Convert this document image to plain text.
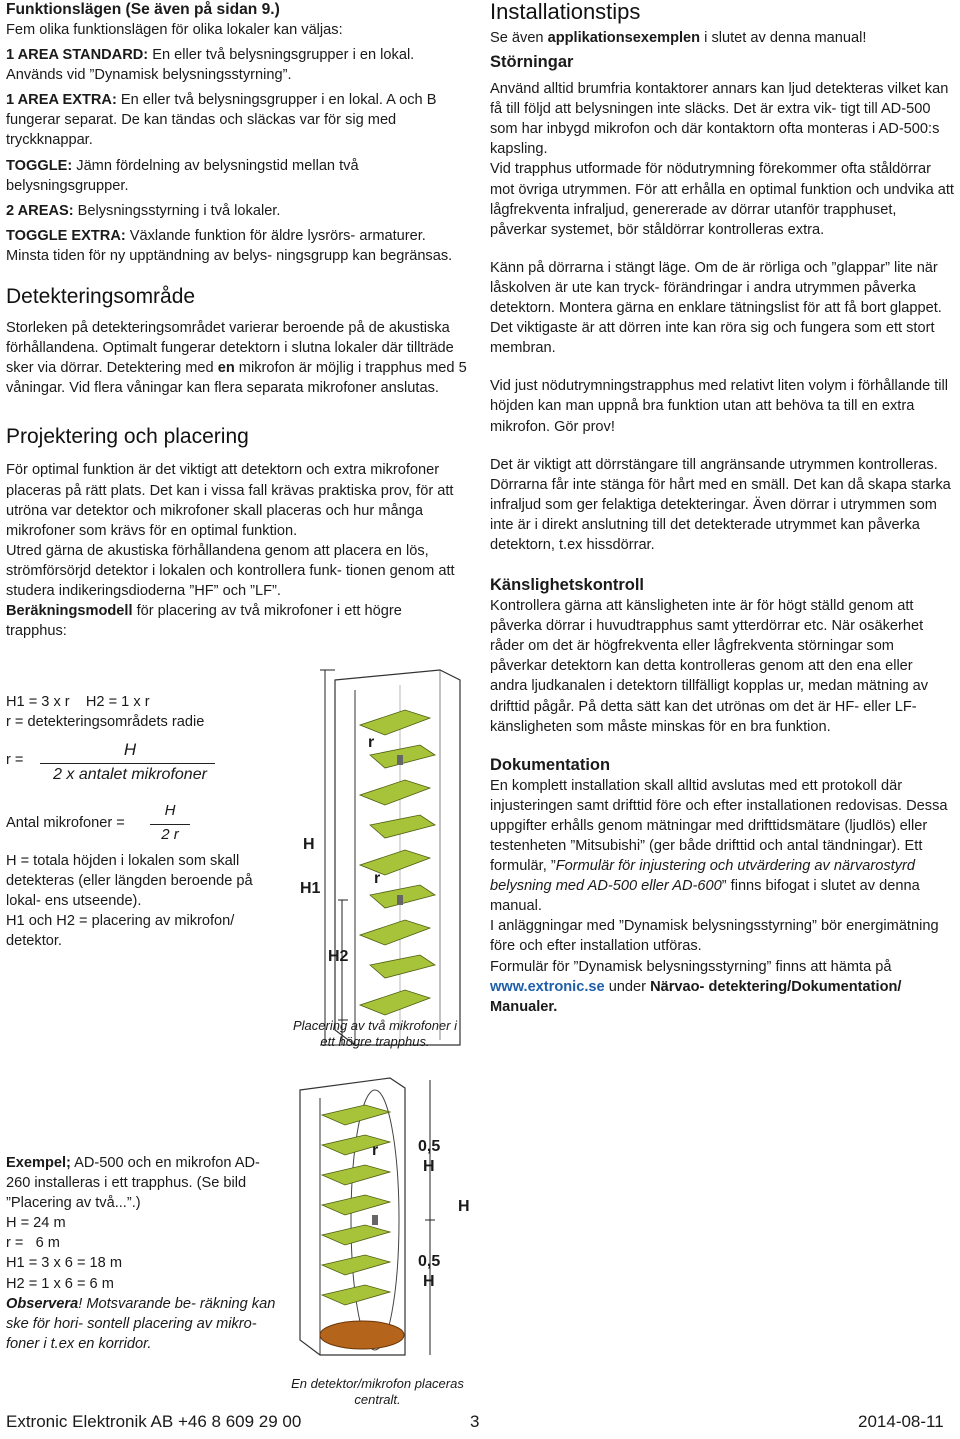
Funktionslägen (Se även på sidan 9.)

Fem olika funktionslägen för olika lokaler kan väljas:

1 AREA STANDARD: En eller två belysningsgrupper i en lokal. Används vid ”Dynamisk belysningsstyrning”.

1 AREA EXTRA: En eller två belysningsgrupper i en lokal. A och B fungerar separat. De kan tändas och släckas var för sig med tryckknappar.

TOGGLE: Jämn fördelning av belysningstid mellan två belysningsgrupper.

2 AREAS: Belysningsstyrning i två lokaler.

TOGGLE EXTRA: Växlande funktion för äldre lysrörs- armaturer. Minsta tiden för ny upptändning av belys- ningsgrupp kan begränsas.

Detekteringsområde

Storleken på detekteringsområdet varierar beroende på de akustiska förhållandena. Optimalt fungerar detektorn i slutna lokaler där tillträde sker via dörrar. Detektering med en mikrofon är möjlig i trapphus med 5 våningar. Vid flera våningar kan flera separata mikrofoner anslutas.

Projektering och placering

För optimal funktion är det viktigt att detektorn och extra mikrofoner placeras på rätt plats. Det kan i vissa fall krävas praktiska prov, för att utröna var detektor och mikrofoner skall placeras och hur många mikrofoner som krävs för en optimal funktion.

Utred gärna de akustiska förhållandena genom att placera en lös, strömförsörjd detektor i lokalen och kontrollera funk- tionen genom att studera indikeringsdioderna ”HF” och ”LF”.

Beräkningsmodell för placering av två mikrofoner i ett högre trapphus:

H1 = 3 x r    H2 = 1 x r
r = detekteringsområdets radie
r =
H
2 x antalet mikrofoner
Antal mikrofoner =
H
2 r

H = totala höjden i lokalen som skall detekteras (eller längden beroende på lokal- ens utseende).

H1 och H2 = placering av mikrofon/ detektor.

Exempel; AD-500 och en mikrofon AD-260 installeras i ett trapphus. (Se bild ”Placering av två...”.)

H = 24 m

r =   6 m

H1 = 3 x 6 = 18 m

H2 = 1 x 6 = 6 m

Observera! Motsvarande be- räkning kan ske för hori- sontell placering av mikro- foner i t.ex en korridor.

Installationstips

Se även applikationsexemplen i slutet av denna manual!

Störningar

Använd alltid brumfria kontaktorer annars kan ljud detekteras vilket kan få till följd att belysningen inte släcks. Det är extra vik- tigt till AD-500 som har inbygd mikrofon och där kontaktorn ofta monteras i AD-500:s kapsling.

Vid trapphus utformade för nödutrymning förekommer ofta ståldörrar mot övriga utrymmen. För att erhålla en optimal funktion och undvika att lågfrekventa infraljud, genererade av dörrar utanför trapphuset, påverkar systemet, bör ståldörrar kontrolleras extra.

Känn på dörrarna i stängt läge. Om de är rörliga och ”glappar” lite när låskolven är ute kan tryck- förändringar i andra utrymmen påverka detektorn. Montera gärna en enklare tätningslist för att få bort glappet. Det viktigaste är att dörren inte kan röra sig och fungera som ett stort membran.

Vid just nödutrymningstrapphus med relativt liten volym i förhållande till höjden kan man uppnå bra funktion utan att behöva ta till en extra mikrofon. Gör prov!

Det är viktigt att dörrstängare till angränsande utrymmen kontrolleras. Dörrarna får inte stänga för hårt med en smäll. Det kan då skapa starka infraljud som ger felaktiga detekteringar. Även dörrar i utrymmen som inte är i direkt anslutning till det detekterade utrymmet kan påverka detektorn, t.ex hissdörrar.

Känslighetskontroll

Kontrollera gärna att känsligheten inte är för högt ställd genom att påverka dörrar i huvudtrapphus samt ytterdörrar etc. När osäkerhet råder om det är högfrekventa eller lågfrekventa störningar som påverkar detektorn kan detta kontrolleras genom att den ena eller andra ljudkanalen i detektorn tillfälligt kopplas ur, medan mätning av drifttid pågår. På detta sätt kan det utrönas om det är HF- eller LF-känsligheten som måste minskas för en bra funktion.

Dokumentation

En komplett installation skall alltid avslutas med ett protokoll där injusteringen samt drifttid före och efter installationen redovisas. Dessa uppgifter erhålls genom mätningar med drifttidsmätare (ljudlös) eller testenheten ”Mitsubishi” (ger både drifttid och antal tändningar). Ett formulär, ”Formulär för injustering och utvärdering av närvarostyrd belysning med AD-500 eller AD-600” finns bifogat i slutet av denna manual.

I anläggningar med ”Dynamisk belysningsstyrning” bör energimätning före och efter installation utföras.

Formulär för ”Dynamisk belysningsstyrning” finns att hämta på www.extronic.se under Närvao- detektering/Dokumentation/ Manualer.

H
H1
H2
r
r
Placering av två mikrofoner i ett högre trapphus.
r 0,5
H
H
0,5
H
En detektor/mikrofon placeras centralt.
Extronic Elektronik AB +46 8 609 29 00	3	2014-08-11
